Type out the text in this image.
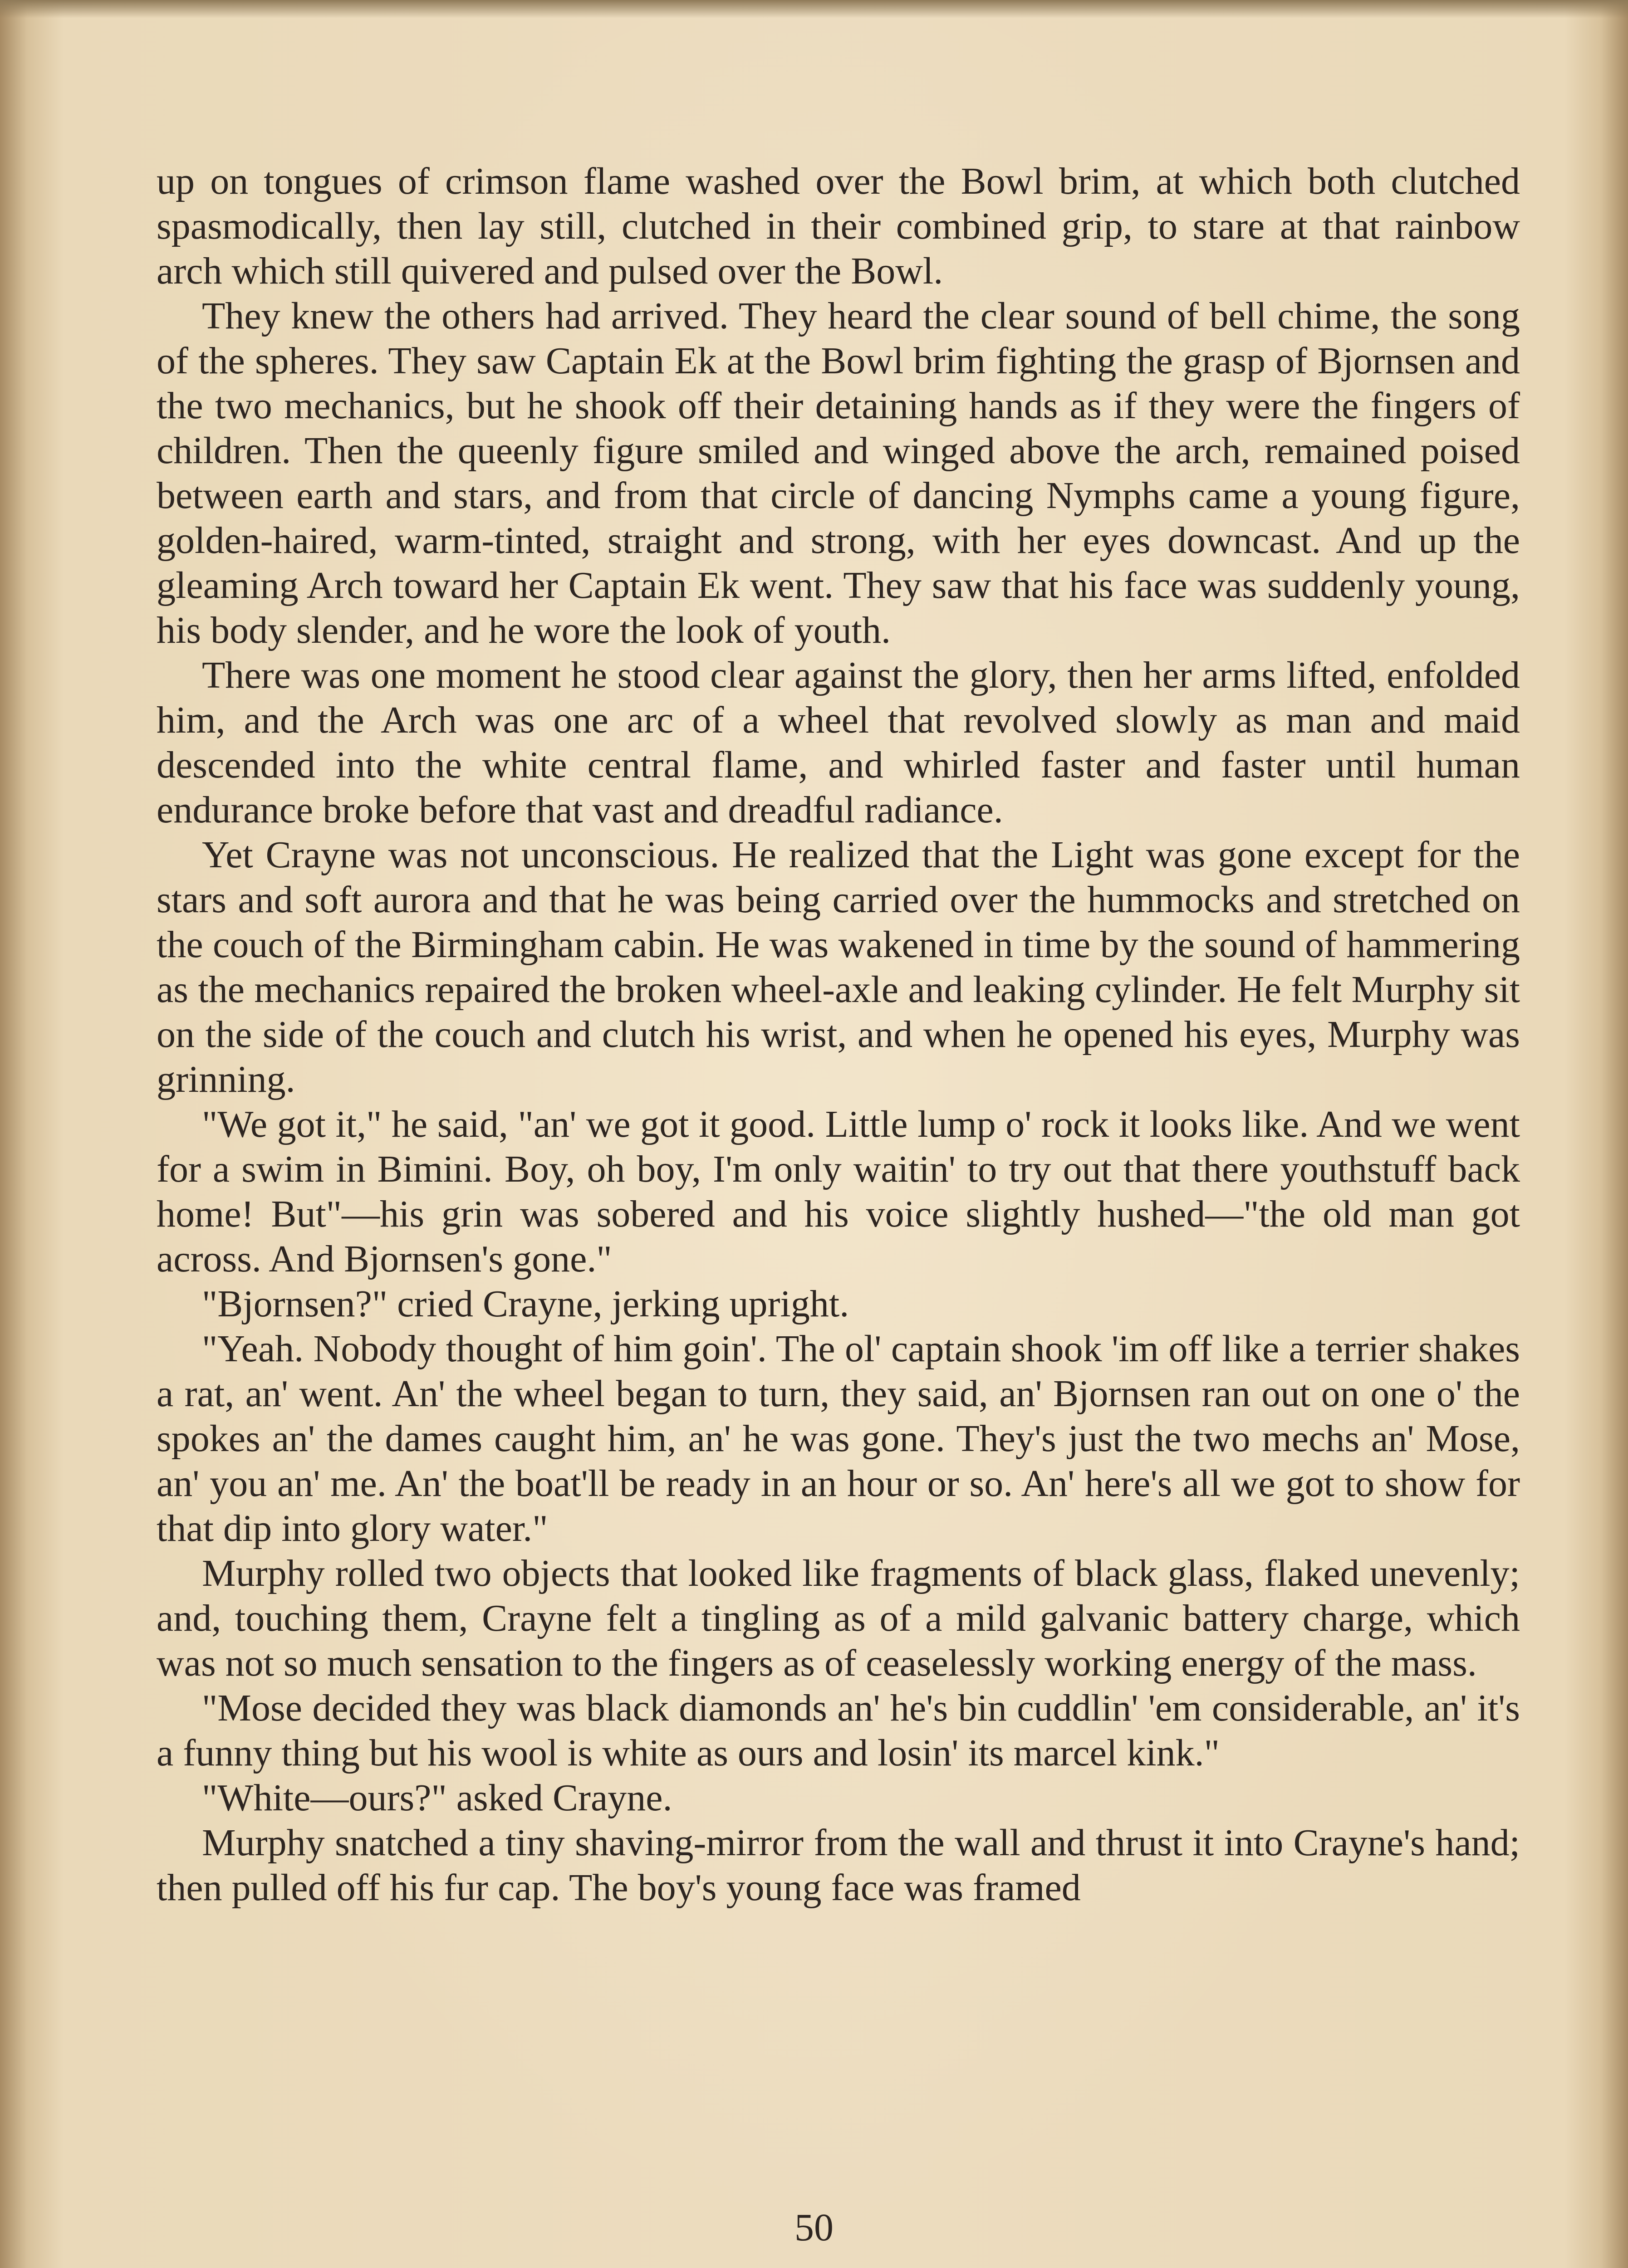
up on tongues of crimson flame washed over the Bowl brim, at which both clutched spasmodically, then lay still, clutched in their combined grip, to stare at that rainbow arch which still quivered and pulsed over the Bowl.

They knew the others had arrived. They heard the clear sound of bell chime, the song of the spheres. They saw Captain Ek at the Bowl brim fighting the grasp of Bjornsen and the two mechanics, but he shook off their detaining hands as if they were the fingers of children. Then the queenly figure smiled and winged above the arch, remained poised between earth and stars, and from that circle of dancing Nymphs came a young figure, golden-haired, warm-tinted, straight and strong, with her eyes downcast. And up the gleaming Arch toward her Captain Ek went. They saw that his face was suddenly young, his body slender, and he wore the look of youth.

There was one moment he stood clear against the glory, then her arms lifted, enfolded him, and the Arch was one arc of a wheel that revolved slowly as man and maid descended into the white central flame, and whirled faster and faster until human endurance broke before that vast and dreadful radiance.

Yet Crayne was not unconscious. He realized that the Light was gone except for the stars and soft aurora and that he was being carried over the hummocks and stretched on the couch of the Birmingham cabin. He was wakened in time by the sound of hammering as the mechanics repaired the broken wheel-axle and leaking cylinder. He felt Murphy sit on the side of the couch and clutch his wrist, and when he opened his eyes, Murphy was grinning.

"We got it," he said, "an' we got it good. Little lump o' rock it looks like. And we went for a swim in Bimini. Boy, oh boy, I'm only waitin' to try out that there youthstuff back home! But"—his grin was sobered and his voice slightly hushed—"the old man got across. And Bjornsen's gone."

"Bjornsen?" cried Crayne, jerking upright.

"Yeah. Nobody thought of him goin'. The ol' captain shook 'im off like a terrier shakes a rat, an' went. An' the wheel began to turn, they said, an' Bjornsen ran out on one o' the spokes an' the dames caught him, an' he was gone. They's just the two mechs an' Mose, an' you an' me. An' the boat'll be ready in an hour or so. An' here's all we got to show for that dip into glory water."

Murphy rolled two objects that looked like fragments of black glass, flaked unevenly; and, touching them, Crayne felt a tingling as of a mild galvanic battery charge, which was not so much sensation to the fingers as of ceaselessly working energy of the mass.

"Mose decided they was black diamonds an' he's bin cuddlin' 'em considerable, an' it's a funny thing but his wool is white as ours and losin' its marcel kink."

"White—ours?" asked Crayne.

Murphy snatched a tiny shaving-mirror from the wall and thrust it into Crayne's hand; then pulled off his fur cap. The boy's young face was framed

50
